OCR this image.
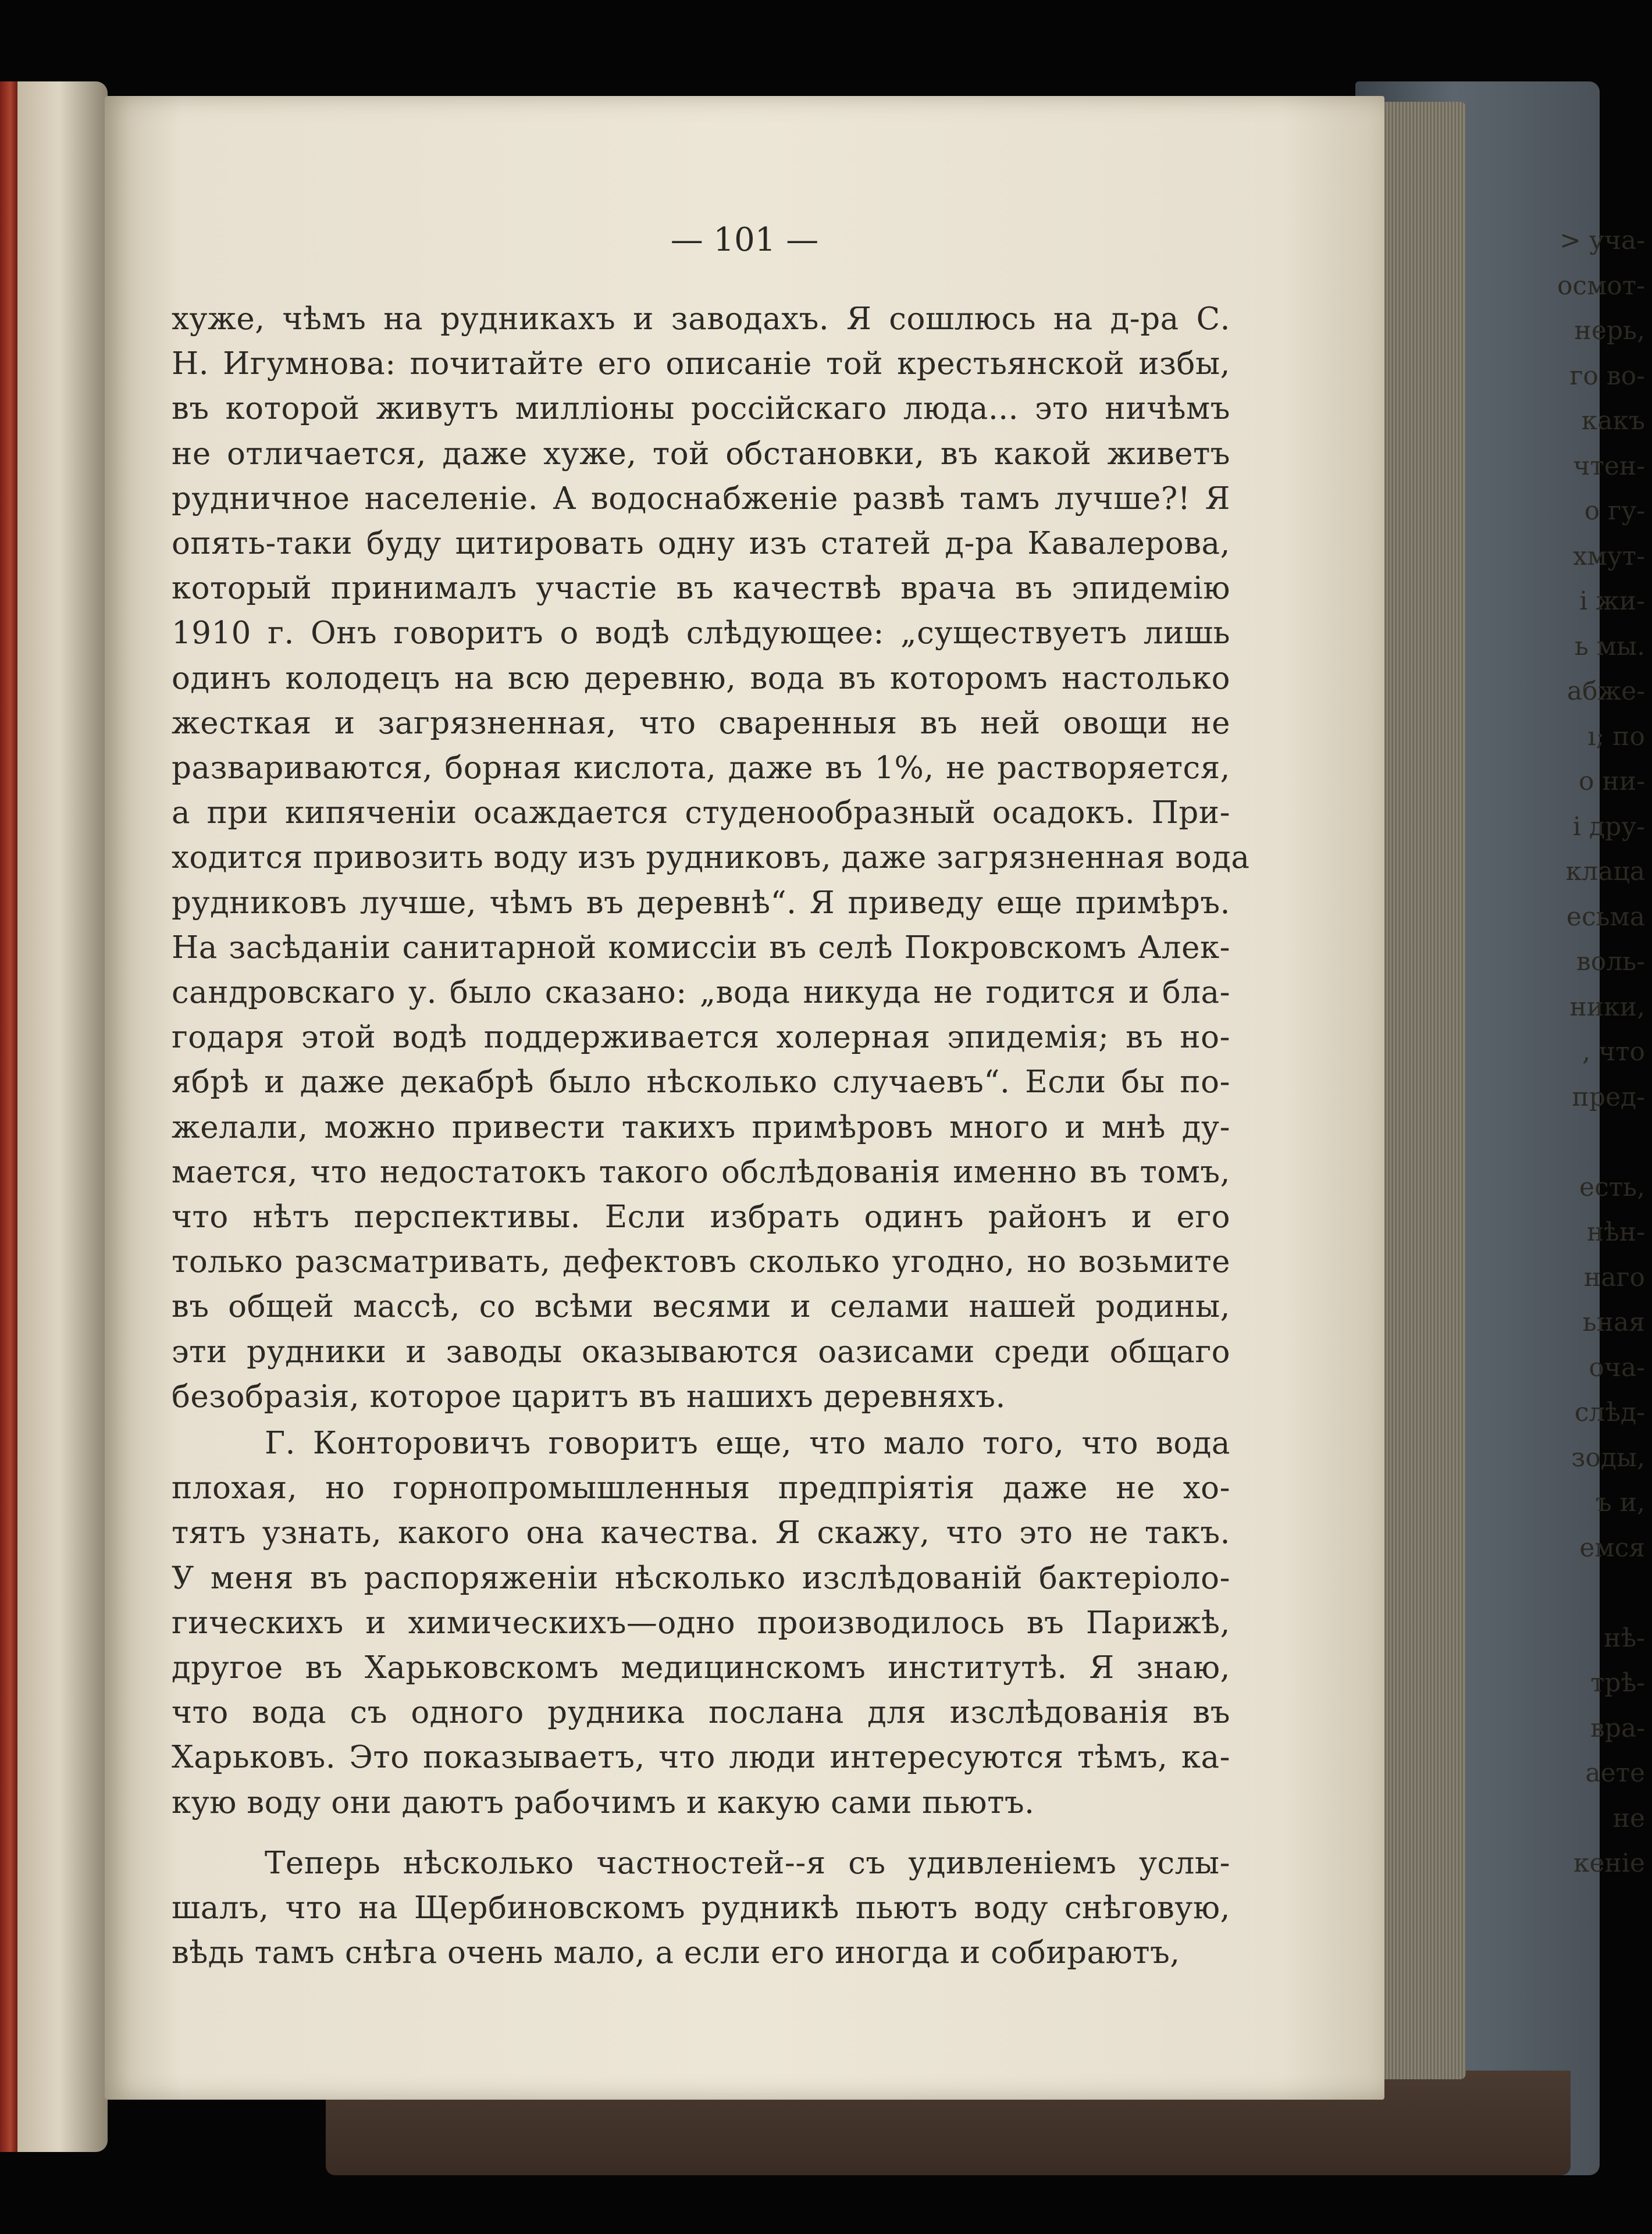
> уча-
осмот-
нерь,
го во-
какъ
чтен-
о гу-
хмут-
і жи-
ь мы.
абже-
ı; по
о ни-
і дру-
клаца
есьма
воль-
ники,
, что
пред-

есть,
нѣн-
наго
ьная
оча-
слѣд-
зоды,
ъ и,
емся

нѣ-
трѣ-
вра-
аете
не
кеніе
— 101 —
хуже, чѣмъ на рудникахъ и заводахъ. Я сошлюсь на д-ра С.
Н. Игумнова: почитайте его описаніе той крестьянской избы,
въ которой живутъ милліоны россійскаго люда... это ничѣмъ
не отличается, даже хуже, той обстановки, въ какой живетъ
рудничное населеніе. А водоснабженіе развѣ тамъ лучше?! Я
опять-таки буду цитировать одну изъ статей д-ра Кавалерова,
который принималъ участіе въ качествѣ врача въ эпидемію
1910 г. Онъ говоритъ о водѣ слѣдующее: „существуетъ лишь
одинъ колодецъ на всю деревню, вода въ которомъ настолько
жесткая и загрязненная, что сваренныя въ ней овощи не
развариваются, борная кислота, даже въ 1%, не растворяется,
а при кипяченіи осаждается студенообразный осадокъ. При-
ходится привозить воду изъ рудниковъ, даже загрязненная вода
рудниковъ лучше, чѣмъ въ деревнѣ“. Я приведу еще примѣръ.
На засѣданіи санитарной комиссіи въ селѣ Покровскомъ Алек-
сандровскаго у. было сказано: „вода никуда не годится и бла-
годаря этой водѣ поддерживается холерная эпидемія; въ но-
ябрѣ и даже декабрѣ было нѣсколько случаевъ“. Если бы по-
желали, можно привести такихъ примѣровъ много и мнѣ ду-
мается, что недостатокъ такого обслѣдованія именно въ томъ,
что нѣтъ перспективы. Если избрать одинъ районъ и его
только разсматривать, дефектовъ сколько угодно, но возьмите
въ общей массѣ, со всѣми весями и селами нашей родины,
эти рудники и заводы оказываются оазисами среди общаго
безобразія, которое царитъ въ нашихъ деревняхъ.
Г. Конторовичъ говоритъ еще, что мало того, что вода
плохая, но горнопромышленныя предпріятія даже не хо-
тятъ узнать, какого она качества. Я скажу, что это не такъ.
У меня въ распоряженіи нѣсколько изслѣдованій бактеріоло-
гическихъ и химическихъ—одно производилось въ Парижѣ,
другое въ Харьковскомъ медицинскомъ институтѣ. Я знаю,
что вода съ одного рудника послана для изслѣдованія въ
Харьковъ. Это показываетъ, что люди интересуются тѣмъ, ка-
кую воду они даютъ рабочимъ и какую сами пьютъ.
Теперь нѣсколько частностей--я съ удивленіемъ услы-
шалъ, что на Щербиновскомъ рудникѣ пьютъ воду снѣговую,
вѣдь тамъ снѣга очень мало, а если его иногда и собираютъ,
